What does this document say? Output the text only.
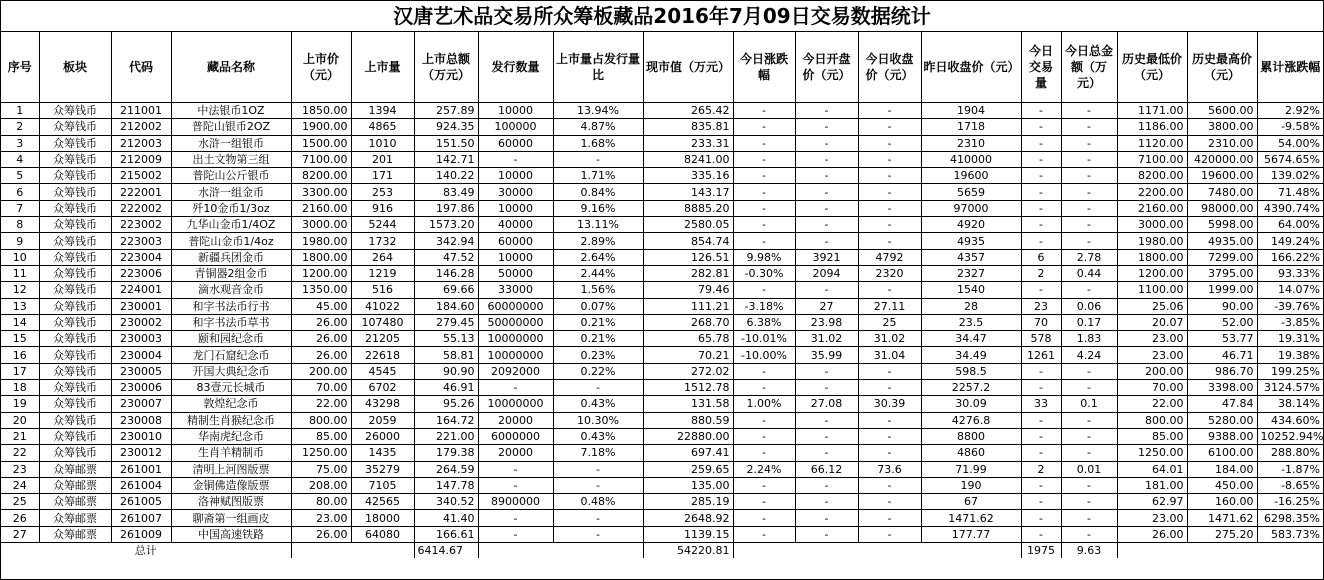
汉唐艺术品交易所众筹板藏品2016年7月09日交易数据统计
序号	板块	代码	藏品名称	上市价（元）	上市量	上市总额（万元）	发行数量	上市量占发行量比	现市值（万元）	今日涨跌幅	今日开盘价（元）	今日收盘价（元）	昨日收盘价（元）	今日交易量	今日总金额（万元）	历史最低价（元）	历史最高价（元）	累计涨跌幅
1	众筹钱币	211001	中法银币1OZ	1850.00	1394	257.89	10000	13.94%	265.42	-	-	-	1904	-	-	1171.00	5600.00	2.92%
2	众筹钱币	212002	普陀山银币2OZ	1900.00	4865	924.35	100000	4.87%	835.81	-	-	-	1718	-	-	1186.00	3800.00	-9.58%
3	众筹钱币	212003	水浒一组银币	1500.00	1010	151.50	60000	1.68%	233.31	-	-	-	2310	-	-	1120.00	2310.00	54.00%
4	众筹钱币	212009	出土文物第三组	7100.00	201	142.71	-	-	8241.00	-	-	-	410000	-	-	7100.00	420000.00	5674.65%
5	众筹钱币	215002	普陀山公斤银币	8200.00	171	140.22	10000	1.71%	335.16	-	-	-	19600	-	-	8200.00	19600.00	139.02%
6	众筹钱币	222001	水浒一组金币	3300.00	253	83.49	30000	0.84%	143.17	-	-	-	5659	-	-	2200.00	7480.00	71.48%
7	众筹钱币	222002	歼10金币1/3oz	2160.00	916	197.86	10000	9.16%	8885.20	-	-	-	97000	-	-	2160.00	98000.00	4390.74%
8	众筹钱币	223002	九华山金币1/4OZ	3000.00	5244	1573.20	40000	13.11%	2580.05	-	-	-	4920	-	-	3000.00	5998.00	64.00%
9	众筹钱币	223003	普陀山金币1/4oz	1980.00	1732	342.94	60000	2.89%	854.74	-	-	-	4935	-	-	1980.00	4935.00	149.24%
10	众筹钱币	223004	新疆兵团金币	1800.00	264	47.52	10000	2.64%	126.51	9.98%	3921	4792	4357	6	2.78	1800.00	7299.00	166.22%
11	众筹钱币	223006	青铜器2组金币	1200.00	1219	146.28	50000	2.44%	282.81	-0.30%	2094	2320	2327	2	0.44	1200.00	3795.00	93.33%
12	众筹钱币	224001	滴水观音金币	1350.00	516	69.66	33000	1.56%	79.46	-	-	-	1540	-	-	1100.00	1999.00	14.07%
13	众筹钱币	230001	和字书法币行书	45.00	41022	184.60	60000000	0.07%	111.21	-3.18%	27	27.11	28	23	0.06	25.06	90.00	-39.76%
14	众筹钱币	230002	和字书法币草书	26.00	107480	279.45	50000000	0.21%	268.70	6.38%	23.98	25	23.5	70	0.17	20.07	52.00	-3.85%
15	众筹钱币	230003	颐和园纪念币	26.00	21205	55.13	10000000	0.21%	65.78	-10.01%	31.02	31.02	34.47	578	1.83	23.00	53.77	19.31%
16	众筹钱币	230004	龙门石窟纪念币	26.00	22618	58.81	10000000	0.23%	70.21	-10.00%	35.99	31.04	34.49	1261	4.24	23.00	46.71	19.38%
17	众筹钱币	230005	开国大典纪念币	200.00	4545	90.90	2092000	0.22%	272.02	-	-	-	598.5	-	-	200.00	986.70	199.25%
18	众筹钱币	230006	83壹元长城币	70.00	6702	46.91	-	-	1512.78	-	-	-	2257.2	-	-	70.00	3398.00	3124.57%
19	众筹钱币	230007	敦煌纪念币	22.00	43298	95.26	10000000	0.43%	131.58	1.00%	27.08	30.39	30.09	33	0.1	22.00	47.84	38.14%
20	众筹钱币	230008	精制生肖猴纪念币	800.00	2059	164.72	20000	10.30%	880.59	-	-	-	4276.8	-	-	800.00	5280.00	434.60%
21	众筹钱币	230010	华南虎纪念币	85.00	26000	221.00	6000000	0.43%	22880.00	-	-	-	8800	-	-	85.00	9388.00	10252.94%
22	众筹钱币	230012	生肖羊精制币	1250.00	1435	179.38	20000	7.18%	697.41	-	-	-	4860	-	-	1250.00	6100.00	288.80%
23	众筹邮票	261001	清明上河图版票	75.00	35279	264.59	-	-	259.65	2.24%	66.12	73.6	71.99	2	0.01	64.01	184.00	-1.87%
24	众筹邮票	261004	金铜佛造像版票	208.00	7105	147.78	-	-	135.00	-	-	-	190	-	-	181.00	450.00	-8.65%
25	众筹邮票	261005	洛神赋图版票	80.00	42565	340.52	8900000	0.48%	285.19	-	-	-	67	-	-	62.97	160.00	-16.25%
26	众筹邮票	261007	聊斋第一组画皮	23.00	18000	41.40	-	-	2648.92	-	-	-	1471.62	-	-	23.00	1471.62	6298.35%
27	众筹邮票	261009	中国高速铁路	26.00	64080	166.61	-	-	1139.15	-	-	-	177.77	-	-	26.00	275.20	583.73%
总计						6414.67			54220.81					1975	9.63			
